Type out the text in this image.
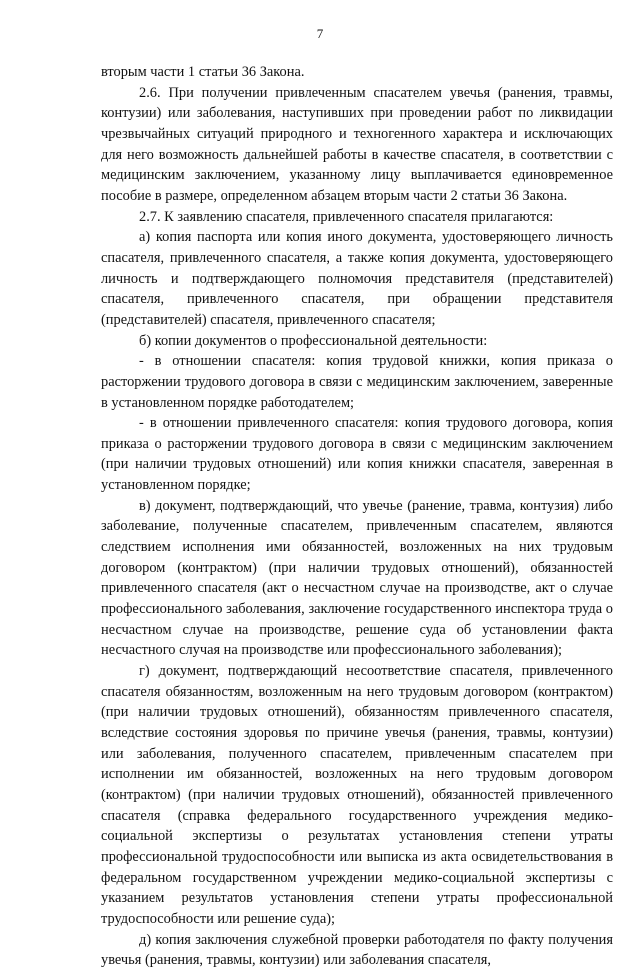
7

вторым части 1 статьи 36 Закона.

2.6. При получении привлеченным спасателем увечья (ранения, травмы, контузии) или заболевания, наступивших при проведении работ по ликвидации чрезвычайных ситуаций природного и техногенного характера и исключающих для него возможность дальнейшей работы в качестве спасателя, в соответствии с медицинским заключением, указанному лицу выплачивается единовременное пособие в размере, определенном абзацем вторым части 2 статьи 36 Закона.

2.7. К заявлению спасателя, привлеченного спасателя прилагаются:

а) копия паспорта или копия иного документа, удостоверяющего личность спасателя, привлеченного спасателя, а также копия документа, удостоверяющего личность и подтверждающего полномочия представителя (представителей) спасателя, привлеченного спасателя, при обращении представителя (представителей) спасателя, привлеченного спасателя;

б) копии документов о профессиональной деятельности:

- в отношении спасателя: копия трудовой книжки, копия приказа о расторжении трудового договора в связи с медицинским заключением, заверенные в установленном порядке работодателем;

- в отношении привлеченного спасателя: копия трудового договора, копия приказа о расторжении трудового договора в связи с медицинским заключением (при наличии трудовых отношений) или копия книжки спасателя, заверенная в установленном порядке;

в) документ, подтверждающий, что увечье (ранение, травма, контузия) либо заболевание, полученные спасателем, привлеченным спасателем, являются следствием исполнения ими обязанностей, возложенных на них трудовым договором (контрактом) (при наличии трудовых отношений), обязанностей привлеченного спасателя (акт о несчастном случае на производстве, акт о случае профессионального заболевания, заключение государственного инспектора труда о несчастном случае на производстве, решение суда об установлении факта несчастного случая на производстве или профессионального заболевания);

г) документ, подтверждающий несоответствие спасателя, привлеченного спасателя обязанностям, возложенным на него трудовым договором (контрактом) (при наличии трудовых отношений), обязанностям привлеченного спасателя, вследствие состояния здоровья по причине увечья (ранения, травмы, контузии) или заболевания, полученного спасателем, привлеченным спасателем при исполнении им обязанностей, возложенных на него трудовым договором (контрактом) (при наличии трудовых отношений), обязанностей привлеченного спасателя (справка федерального государственного учреждения медико-социальной экспертизы о результатах установления степени утраты профессиональной трудоспособности или выписка из акта освидетельствования в федеральном государственном учреждении медико-социальной экспертизы с указанием результатов установления степени утраты профессиональной трудоспособности или решение суда);

д) копия заключения служебной проверки работодателя по факту получения увечья (ранения, травмы, контузии) или заболевания спасателя,
